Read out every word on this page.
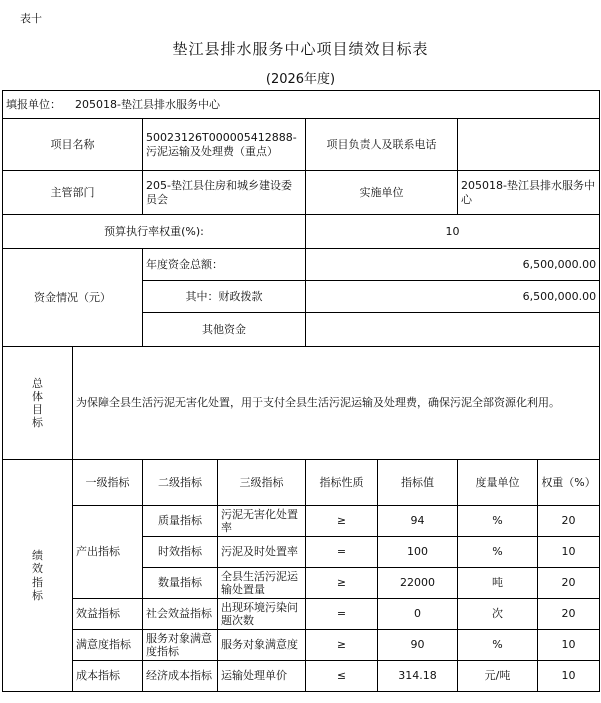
表十
垫江县排水服务中心项目绩效目标表
(2026年度)
填报单位： 205018-垫江县排水服务中心							
项目名称		50023126T000005412888-污泥运输及处理费（重点）		项目负责人及联系电话			
主管部门		205-垫江县住房和城乡建设委员会		实施单位		205018-垫江县排水服务中心	
预算执行率权重(%):				10			
资金情况（元）		年度资金总额：		6,500,000.00			
		其中：财政拨款		6,500,000.00			
		其他资金					

总
体
目
标	为保障全县生活污泥无害化处置，用于支付全县生活污泥运输及处理费，确保污泥全部资源化利用。						

绩
效
指
标	一级指标	二级指标	三级指标	指标性质	指标值	度量单位	权重（%）
	产出指标	质量指标	污泥无害化处置率	≥	94	%	20
		时效指标	污泥及时处置率	=	100	%	10
		数量指标	全县生活污泥运输处置量	≥	22000	吨	20
	效益指标	社会效益指标	出现环境污染问题次数	=	0	次	20
	满意度指标	服务对象满意度指标	服务对象满意度	≥	90	%	10
	成本指标	经济成本指标	运输处理单价	≤	314.18	元/吨	10
